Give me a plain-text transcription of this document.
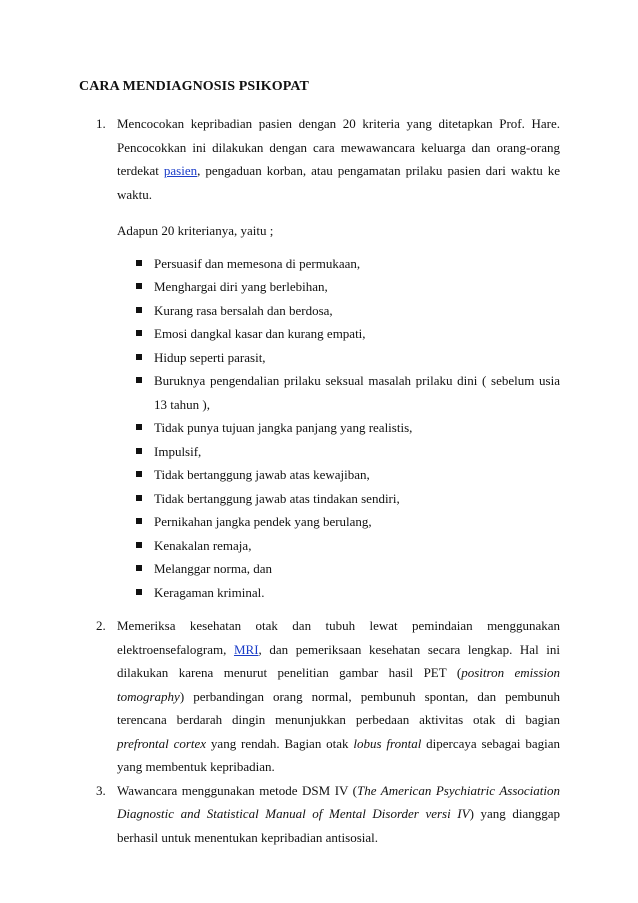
CARA MENDIAGNOSIS PSIKOPAT
1. Mencocokan kepribadian pasien dengan 20 kriteria yang ditetapkan Prof. Hare. Pencocokkan ini dilakukan dengan cara mewawancara keluarga dan orang-orang terdekat pasien, pengaduan korban, atau pengamatan prilaku pasien dari waktu ke waktu.

Adapun 20 kriterianya, yaitu ;

Persuasif dan memesona di permukaan,
Menghargai diri yang berlebihan,
Kurang rasa bersalah dan berdosa,
Emosi dangkal kasar dan kurang empati,
Hidup seperti parasit,
Buruknya pengendalian prilaku seksual masalah prilaku dini ( sebelum usia 13 tahun ),
Tidak punya tujuan jangka panjang yang realistis,
Impulsif,
Tidak bertanggung jawab atas kewajiban,
Tidak bertanggung jawab atas tindakan sendiri,
Pernikahan jangka pendek yang berulang,
Kenakalan remaja,
Melanggar norma, dan
Keragaman kriminal.
2. Memeriksa kesehatan otak dan tubuh lewat pemindaian menggunakan

elektroensefalogram, MRI, dan pemeriksaan kesehatan secara lengkap. Hal ini dilakukan karena menurut penelitian gambar hasil PET (positron emission tomography) perbandingan orang normal, pembunuh spontan, dan pembunuh terencana berdarah dingin menunjukkan perbedaan aktivitas otak di bagian prefrontal cortex yang rendah. Bagian otak lobus frontal dipercaya sebagai bagian yang membentuk kepribadian.

3. Wawancara menggunakan metode DSM IV (The American Psychiatric Association Diagnostic and Statistical Manual of Mental Disorder versi IV) yang dianggap berhasil untuk menentukan kepribadian antisosial.
